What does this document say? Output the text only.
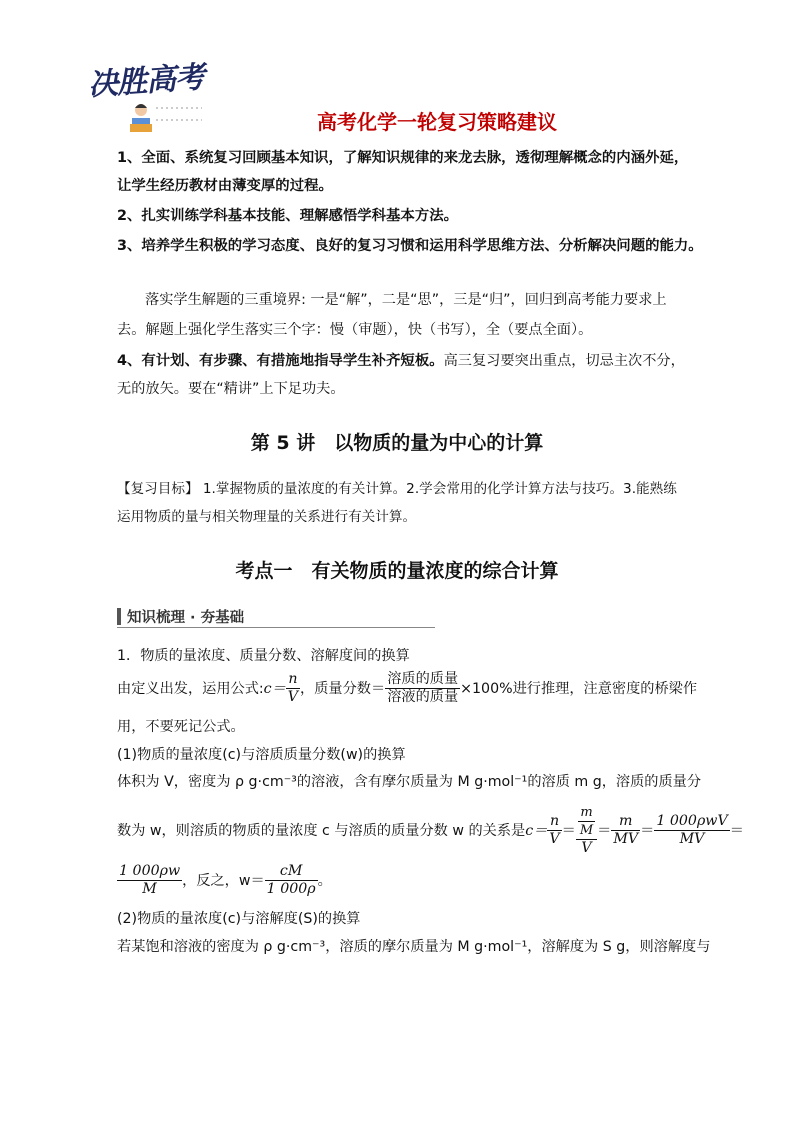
决胜高考
高考化学一轮复习策略建议
1、全面、系统复习回顾基本知识，了解知识规律的来龙去脉，透彻理解概念的内涵外延，
让学生经历教材由薄变厚的过程。
2、扎实训练学科基本技能、理解感悟学科基本方法。
3、培养学生积极的学习态度、良好的复习习惯和运用科学思维方法、分析解决问题的能力。
落实学生解题的三重境界: 一是“解”，二是“思”，三是“归”，回归到高考能力要求上
去。解题上强化学生落实三个字：慢（审题），快（书写），全（要点全面）。
4、有计划、有步骤、有措施地指导学生补齐短板。高三复习要突出重点，切忌主次不分，
无的放矢。要在“精讲”上下足功夫。
第 5 讲　以物质的量为中心的计算
【复习目标】 1.掌握物质的量浓度的有关计算。2.学会常用的化学计算方法与技巧。3.能熟练
运用物质的量与相关物理量的关系进行有关计算。
考点一　有关物质的量浓度的综合计算
知识梳理 · 夯基础
1．物质的量浓度、质量分数、溶解度间的换算
由定义出发，运用公式: $c= \frac{n}{V}$ ，质量分数＝ $\frac{\text{溶质的质量}}{\text{溶液的质量}} \times 100\%$进行推理，注意密度的桥梁作
用，不要死记公式。
(1)物质的量浓度(c)与溶质质量分数(w)的换算
体积为 V，密度为 ρ g·cm⁻³的溶液，含有摩尔质量为 M g·mol⁻¹的溶质 m g，溶质的质量分
数为 w，则溶质的物质的量浓度 c 与溶质的质量分数 w 的关系是 $c= \frac{n}{V} = \frac{\frac{m}{M}}{V} = \frac{m}{MV} = \frac{\text{1 000ρwV}}{MV}$ ＝
$\frac{1 000\rho w}{M}$ ，反之，$w= \frac{cM}{1 000\rho}$ 。
(2)物质的量浓度(c)与溶解度(S)的换算
若某饱和溶液的密度为 ρ g·cm⁻³，溶质的摩尔质量为 M g·mol⁻¹，溶解度为 S g，则溶解度与
